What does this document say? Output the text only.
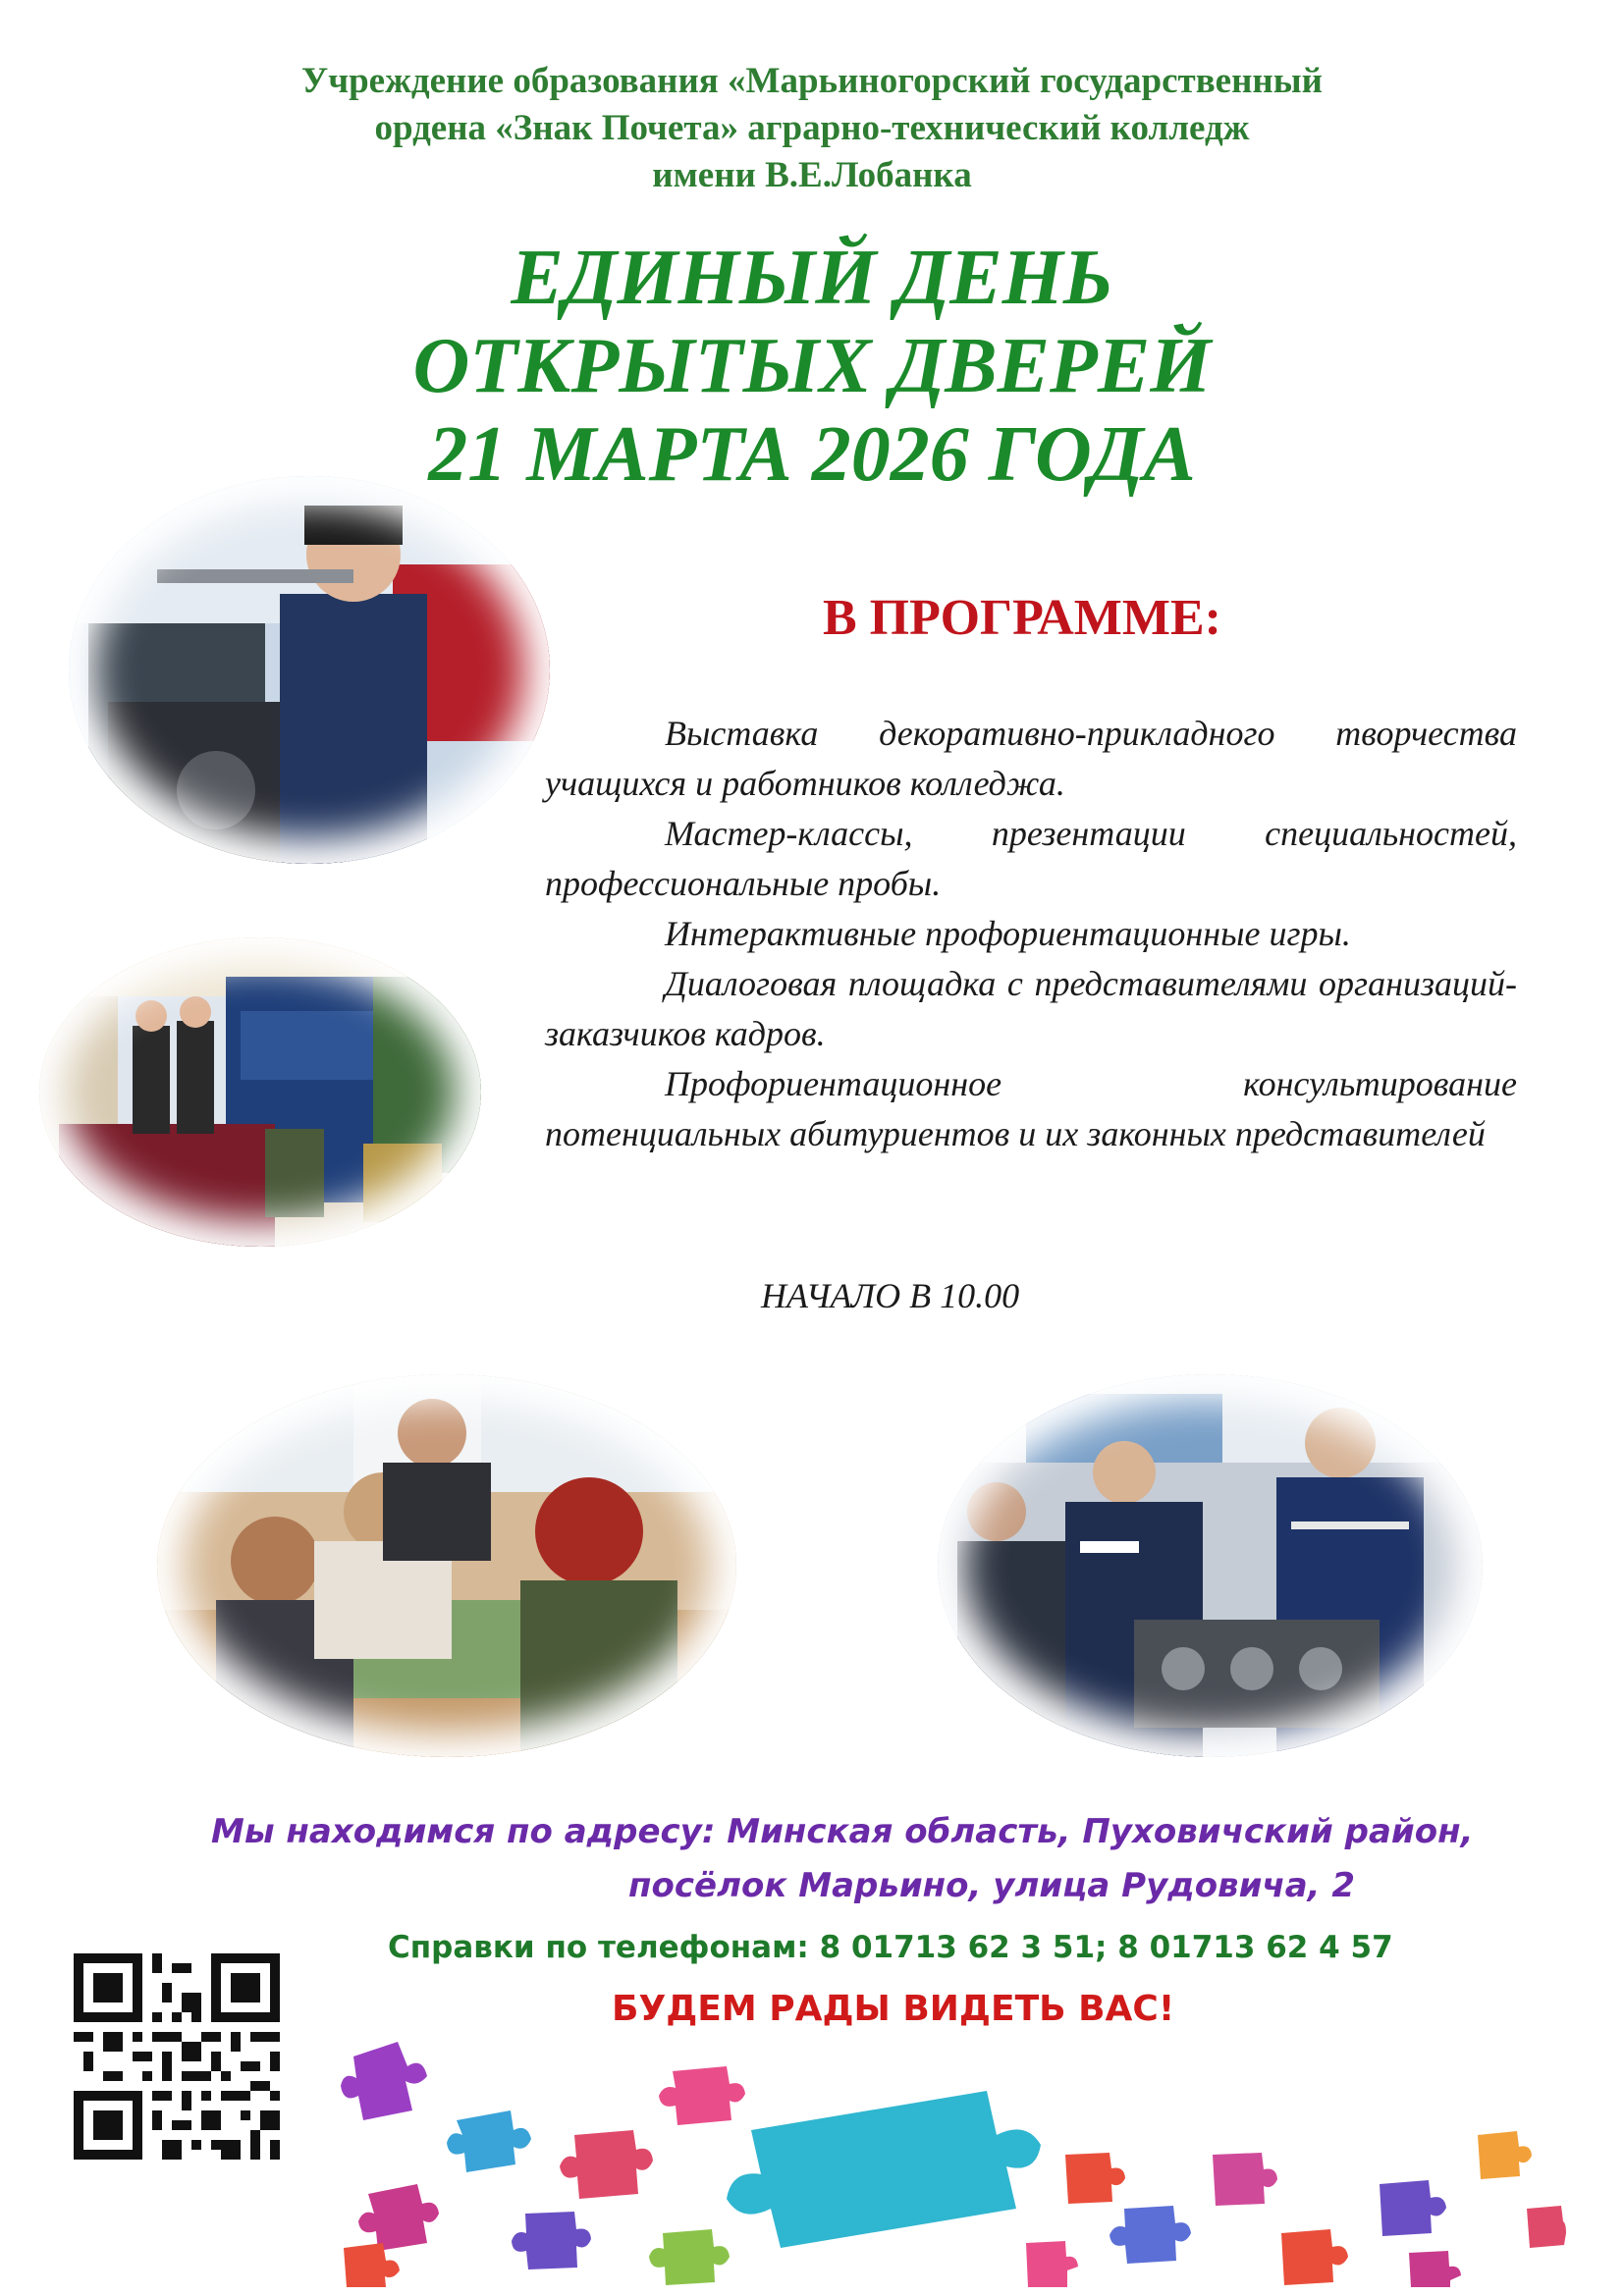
Учреждение образования «Марьиногорский государственный
ордена «Знак Почета» аграрно-технический колледж
имени В.Е.Лобанка
ЕДИНЫЙ ДЕНЬ
ОТКРЫТЫХ ДВЕРЕЙ
21 МАРТА 2026 ГОДА
В ПРОГРАММЕ:

Выставка декоративно-прикладного творчества учащихся и работников колледжа.

Мастер-классы, презентации специальностей, профессиональные пробы.

Интерактивные профориентационные игры.

Диалоговая площадка с представителями организаций-заказчиков кадров.

Профориентационное консультирование потенциальных абитуриентов и их законных представителей

НАЧАЛО В 10.00
Мы находимся по адресу: Минская область, Пуховичский район,
посёлок Марьино, улица Рудовича, 2
Справки по телефонам: 8 01713 62 3 51; 8 01713 62 4 57
БУДЕМ РАДЫ ВИДЕТЬ ВАС!
